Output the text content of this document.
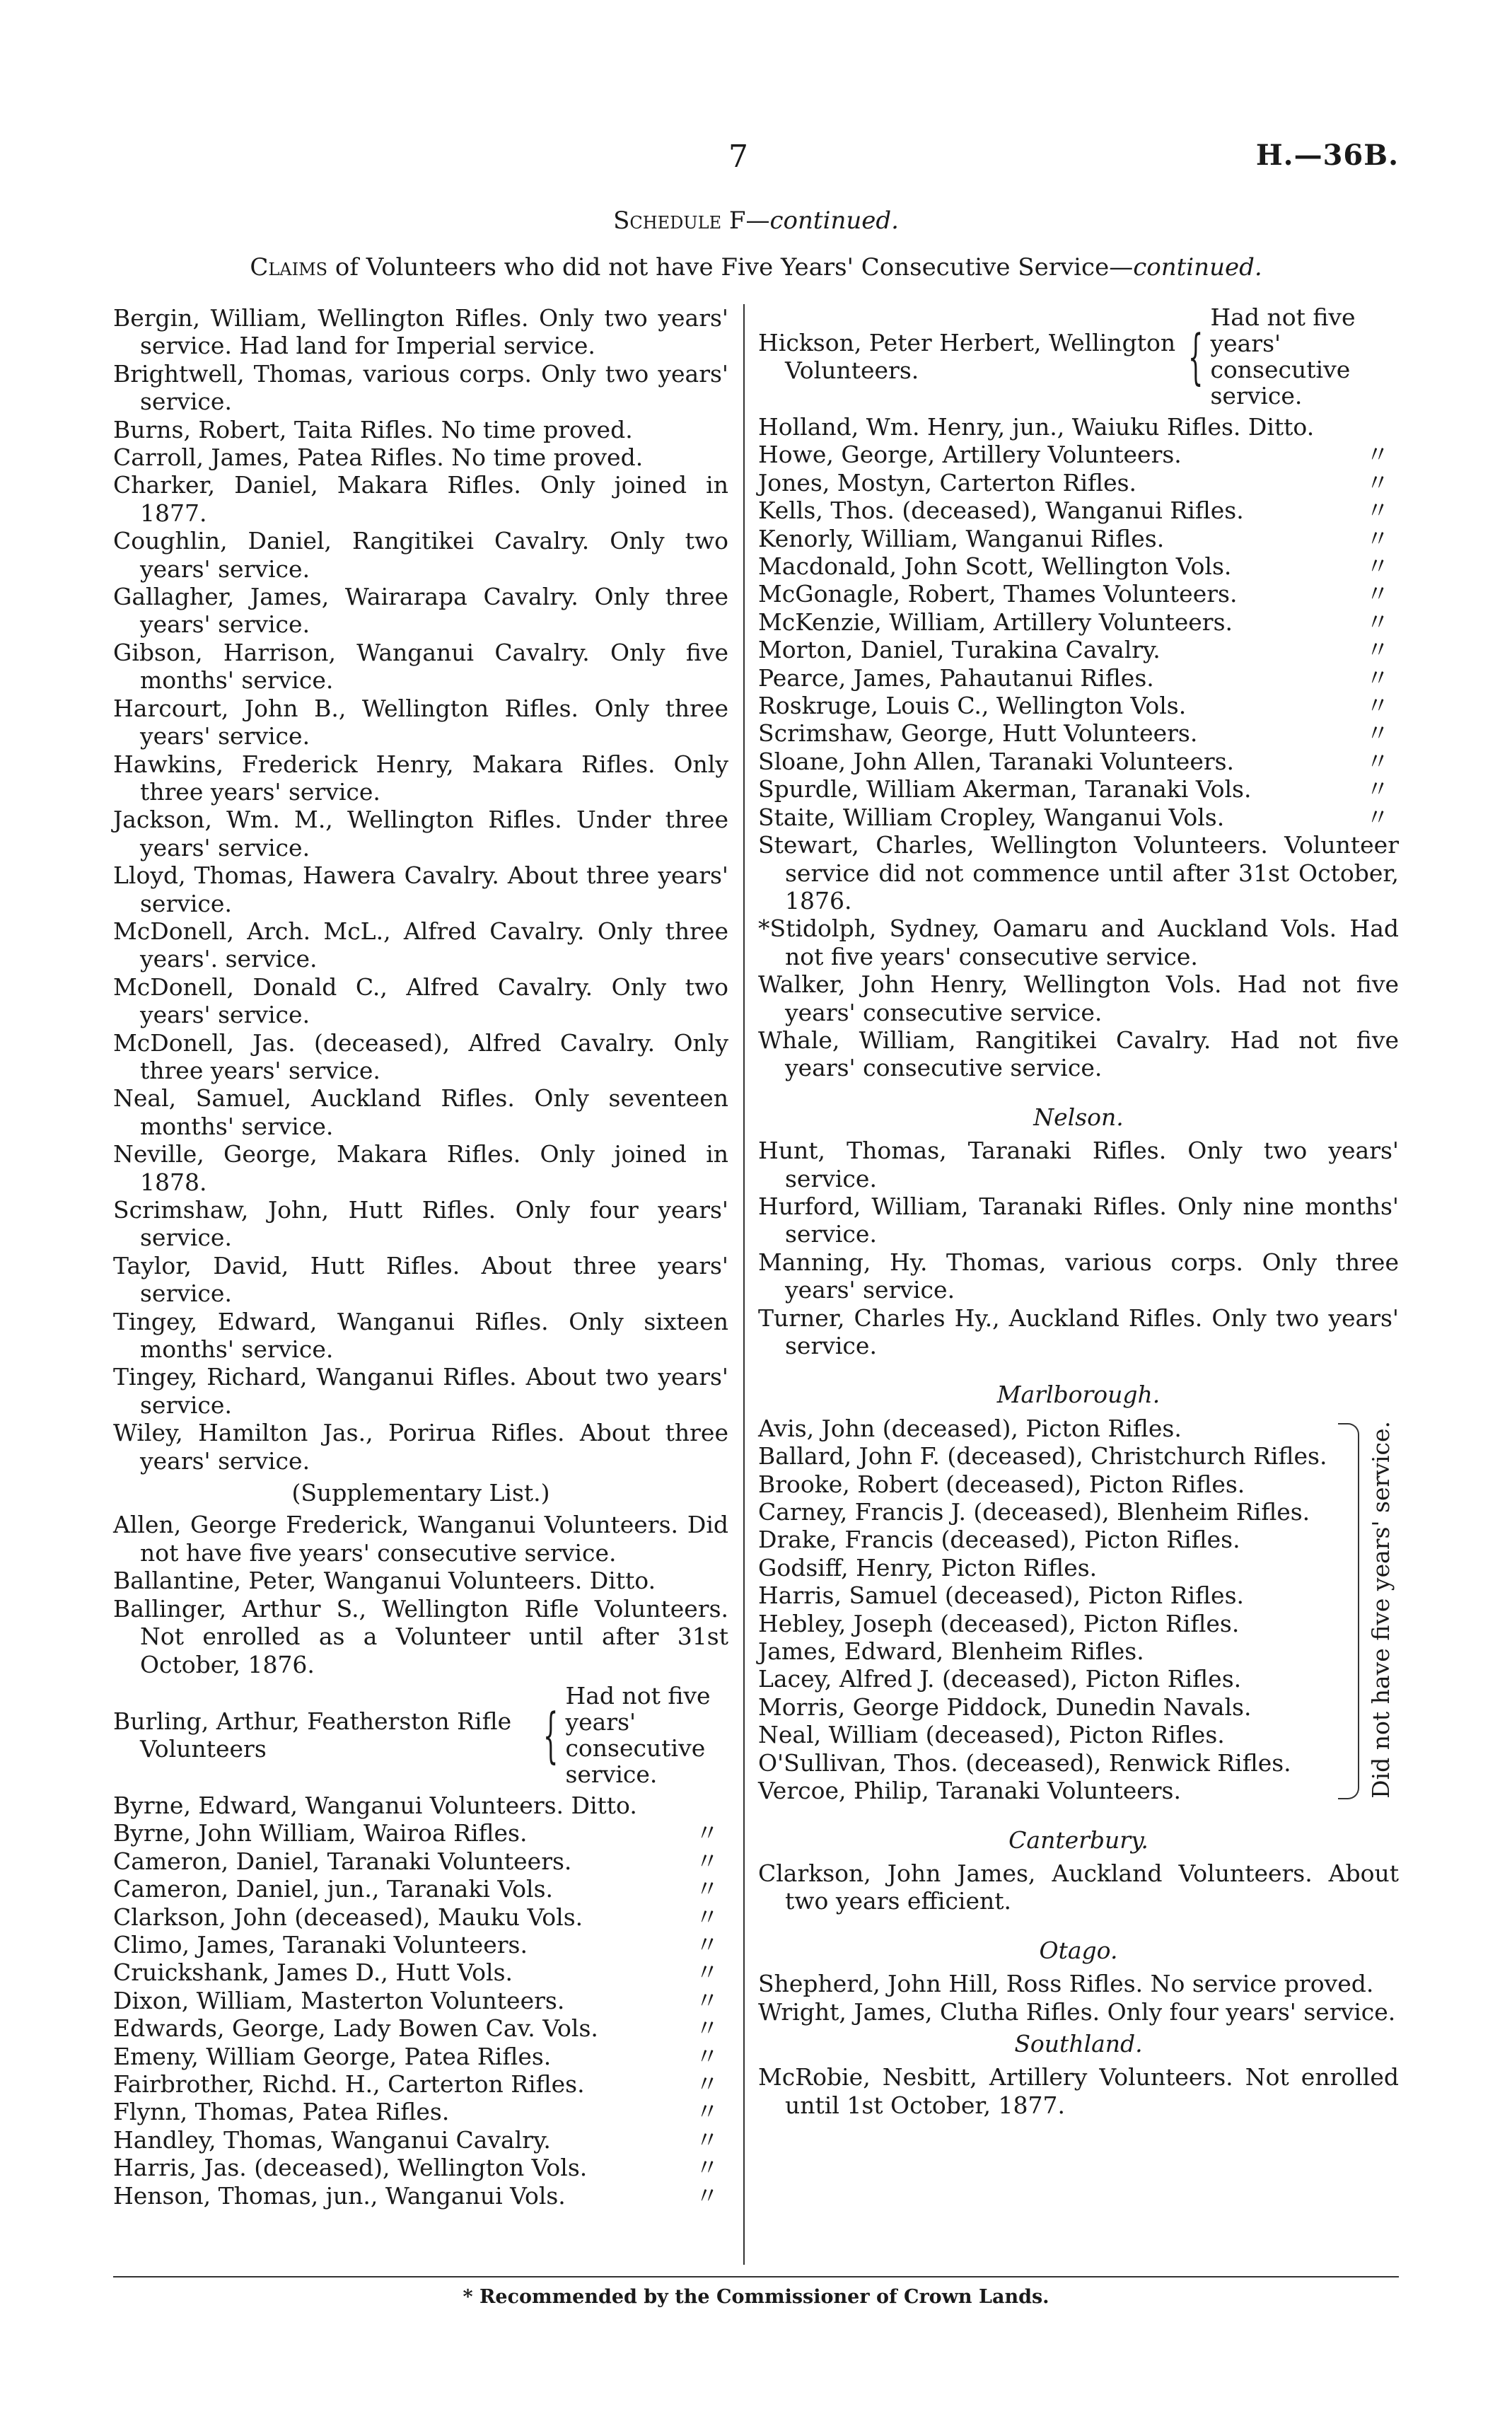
7	H.—36B.
Schedule F—continued.
Claims of Volunteers who did not have Five Years' Consecutive Service—continued.

Bergin, William, Wellington Rifles. Only two years' service. Had land for Imperial service.

Brightwell, Thomas, various corps. Only two years' service.

Burns, Robert, Taita Rifles. No time proved.

Carroll, James, Patea Rifles. No time proved.

Charker, Daniel, Makara Rifles. Only joined in 1877.

Coughlin, Daniel, Rangitikei Cavalry. Only two years' service.

Gallagher, James, Wairarapa Cavalry. Only three years' service.

Gibson, Harrison, Wanganui Cavalry. Only five months' service.

Harcourt, John B., Wellington Rifles. Only three years' service.

Hawkins, Frederick Henry, Makara Rifles. Only three years' service.

Jackson, Wm. M., Wellington Rifles. Under three years' service.

Lloyd, Thomas, Hawera Cavalry. About three years' service.

McDonell, Arch. McL., Alfred Cavalry. Only three years'. service.

McDonell, Donald C., Alfred Cavalry. Only two years' service.

McDonell, Jas. (deceased), Alfred Cavalry. Only three years' service.

Neal, Samuel, Auckland Rifles. Only seventeen months' service.

Neville, George, Makara Rifles. Only joined in 1878.

Scrimshaw, John, Hutt Rifles. Only four years' service.

Taylor, David, Hutt Rifles. About three years' service.

Tingey, Edward, Wanganui Rifles. Only sixteen months' service.

Tingey, Richard, Wanganui Rifles. About two years' service.

Wiley, Hamilton Jas., Porirua Rifles. About three years' service.

(Supplementary List.)

Allen, George Frederick, Wanganui Volunteers. Did not have five years' consecutive service.

Ballantine, Peter, Wanganui Volunteers. Ditto.

Ballinger, Arthur S., Wellington Rifle Volunteers. Not enrolled as a Volunteer until after 31st October, 1876.

Burling, Arthur, Featherston Rifle Volunteers	{
Had not five years' consecutive service.

Byrne, Edward, Wanganui Volunteers. Ditto.

Byrne, John William, Wairoa Rifles.	〃
Cameron, Daniel, Taranaki Volunteers.	〃
Cameron, Daniel, jun., Taranaki Vols.	〃
Clarkson, John (deceased), Mauku Vols.	〃
Climo, James, Taranaki Volunteers.	〃
Cruickshank, James D., Hutt Vols.	〃
Dixon, William, Masterton Volunteers.	〃
Edwards, George, Lady Bowen Cav. Vols.	〃
Emeny, William George, Patea Rifles.	〃
Fairbrother, Richd. H., Carterton Rifles.	〃
Flynn, Thomas, Patea Rifles.	〃
Handley, Thomas, Wanganui Cavalry.	〃
Harris, Jas. (deceased), Wellington Vols.	〃
Henson, Thomas, jun., Wanganui Vols.	〃
Hickson, Peter Herbert, Wellington Volunteers.	{
Had not five years' consecutive service.

Holland, Wm. Henry, jun., Waiuku Rifles. Ditto.

Howe, George, Artillery Volunteers.	〃
Jones, Mostyn, Carterton Rifles.	〃
Kells, Thos. (deceased), Wanganui Rifles.	〃
Kenorly, William, Wanganui Rifles.	〃
Macdonald, John Scott, Wellington Vols.	〃
McGonagle, Robert, Thames Volunteers.	〃
McKenzie, William, Artillery Volunteers.	〃
Morton, Daniel, Turakina Cavalry.	〃
Pearce, James, Pahautanui Rifles.	〃
Roskruge, Louis C., Wellington Vols.	〃
Scrimshaw, George, Hutt Volunteers.	〃
Sloane, John Allen, Taranaki Volunteers.	〃
Spurdle, William Akerman, Taranaki Vols.	〃
Staite, William Cropley, Wanganui Vols.	〃

Stewart, Charles, Wellington Volunteers. Volunteer service did not commence until after 31st October, 1876.

*Stidolph, Sydney, Oamaru and Auckland Vols. Had not five years' consecutive service.

Walker, John Henry, Wellington Vols. Had not five years' consecutive service.

Whale, William, Rangitikei Cavalry. Had not five years' consecutive service.

Nelson.

Hunt, Thomas, Taranaki Rifles. Only two years' service.

Hurford, William, Taranaki Rifles. Only nine months' service.

Manning, Hy. Thomas, various corps. Only three years' service.

Turner, Charles Hy., Auckland Rifles. Only two years' service.

Marlborough.
Avis, John (deceased), Picton Rifles.
Ballard, John F. (deceased), Christchurch Rifles.
Brooke, Robert (deceased), Picton Rifles.
Carney, Francis J. (deceased), Blenheim Rifles.
Drake, Francis (deceased), Picton Rifles.
Godsiff, Henry, Picton Rifles.
Harris, Samuel (deceased), Picton Rifles.
Hebley, Joseph (deceased), Picton Rifles.
James, Edward, Blenheim Rifles.
Lacey, Alfred J. (deceased), Picton Rifles.
Morris, George Piddock, Dunedin Navals.
Neal, William (deceased), Picton Rifles.
O'Sullivan, Thos. (deceased), Renwick Rifles.
Vercoe, Philip, Taranaki Volunteers.	Did not have five years' service.
Canterbury.

Clarkson, John James, Auckland Volunteers. About two years efficient.

Otago.

Shepherd, John Hill, Ross Rifles. No service proved.

Wright, James, Clutha Rifles. Only four years' service.

Southland.

McRobie, Nesbitt, Artillery Volunteers. Not enrolled until 1st October, 1877.

* Recommended by the Commissioner of Crown Lands.
